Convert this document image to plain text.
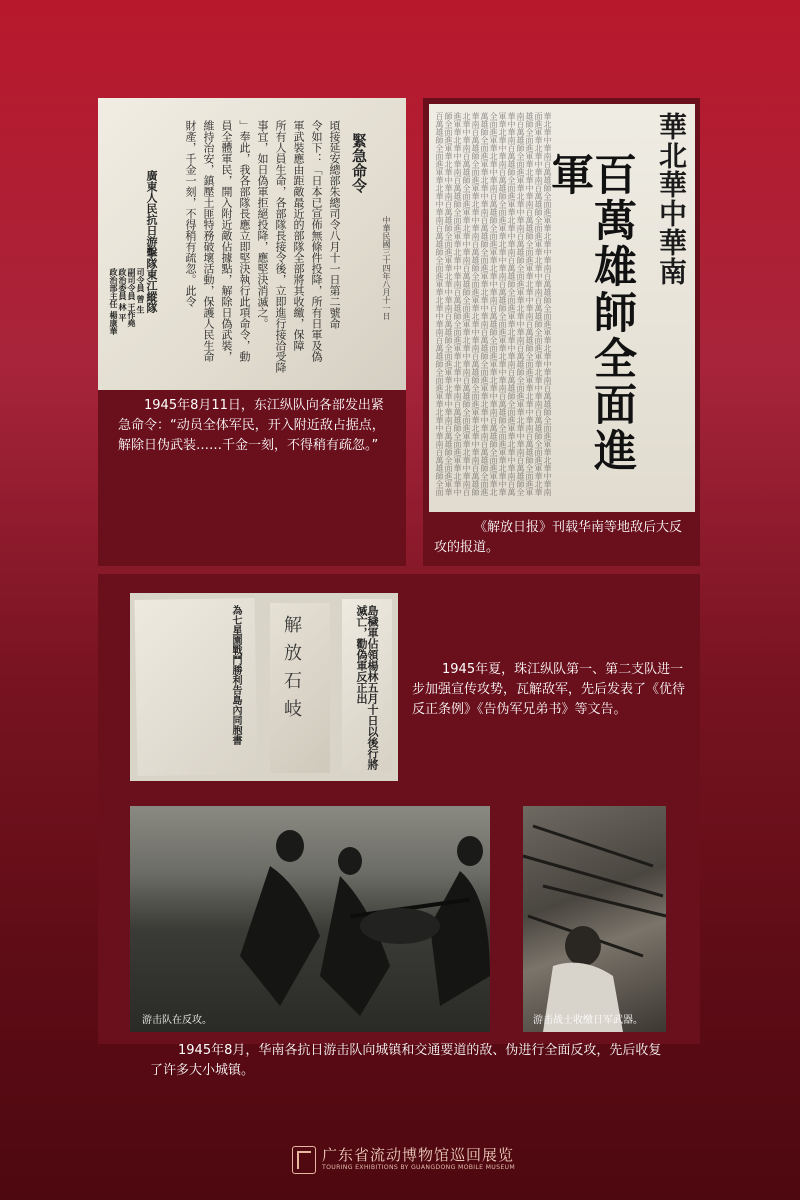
中華民國三十四年八月十一日
緊急命令
頃接延安總部朱總司令八月十一日第二號命
令如下：「日本已宣佈無條件投降，所有日軍及偽
軍武裝應由距敵最近的部隊全部將其收繳，保障
所有人員生命，各部隊長接令後，立即進行接洽受降
事宜，如日偽軍拒絕投降，應堅決消滅之。
」奉此，我各部隊長應立即堅決執行此項命令，動
員全體軍民，開入附近敵佔據點，解除日偽武裝，
維持治安，鎮壓土匪特務破壞活動，保護人民生命
財產，千金一刻，不得稍有疏忽。此令
司令員 曾 生
副司令員 王作堯
政治委員 林 平
政治部主任 楊康華 廣東人民抗日游擊隊東江縱隊
1945年8月11日，东江纵队向各部发出紧急命令：“动员全体军民，开入附近敌占据点，解除日伪武装……千金一刻，不得稍有疏忽。”
華北華中華南
百萬雄師全面進軍
百萬雄師全面進軍華北華中華南百萬雄師全面進軍華北華中華南百萬雄師全面進軍華北華中華南百萬雄師全面 師全面進軍華北華中華南百萬雄師全面進軍華北華中華南百萬雄師全面進軍華北華中華南百萬雄師全面進軍華 進軍華北華中華南百萬雄師全面進軍華北華中華南百萬雄師全面進軍華北華中華南百萬雄師全面進軍華北華中 北華中華南百萬雄師全面進軍華北華中華南百萬雄師全面進軍華北華中華南百萬雄師全面進軍華北華中華南百 華南百萬雄師全面進軍華北華中華南百萬雄師全面進軍華北華中華南百萬雄師全面進軍華北華中華南百萬雄師 萬雄師全面進軍華北華中華南百萬雄師全面進軍華北華中華南百萬雄師全面進軍華北華中華南百萬雄師全面進 全面進軍華北華中華南百萬雄師全面進軍華北華中華南百萬雄師全面進軍華北華中華南百萬雄師全面進軍華北 軍華北華中華南百萬雄師全面進軍華北華中華南百萬雄師全面進軍華北華中華南百萬雄師全面進軍華北華中華 華中華南百萬雄師全面進軍華北華中華南百萬雄師全面進軍華北華中華南百萬雄師全面進軍華北華中華南百萬 南百萬雄師全面進軍華北華中華南百萬雄師全面進軍華北華中華南百萬雄師全面進軍華北華中華南百萬雄師全 雄師全面進軍華北華中華南百萬雄師全面進軍華北華中華南百萬雄師全面進軍華北華中華南百萬雄師全面進軍 面進軍華北華中華南百萬雄師全面進軍華北華中華南百萬雄師全面進軍華北華中華南百萬雄師全面進軍華北華 華北華中華南百萬雄師全面進軍華北華中華南百萬雄師全面進軍華北華中華南百萬雄師全面進軍華北華中華南
《解放日报》刊载华南等地敌后大反攻的报道。
為七星園戰鬥勝利告島內同胞書 解放石岐	島穢軍佔領楊林五月十日以後行將滅亡，勸偽軍反正出	1945年夏，珠江纵队第一、第二支队进一步加强宣传攻势，瓦解敌军，先后发表了《优待反正条例》《告伪军兄弟书》等文告。
游击队在反攻。	游击战士收缴日军武器。
1945年8月，华南各抗日游击队向城镇和交通要道的敌、伪进行全面反攻，先后收复了许多大小城镇。
广东省流动博物馆巡回展览
TOURING EXHIBITIONS BY GUANGDONG MOBILE MUSEUM
